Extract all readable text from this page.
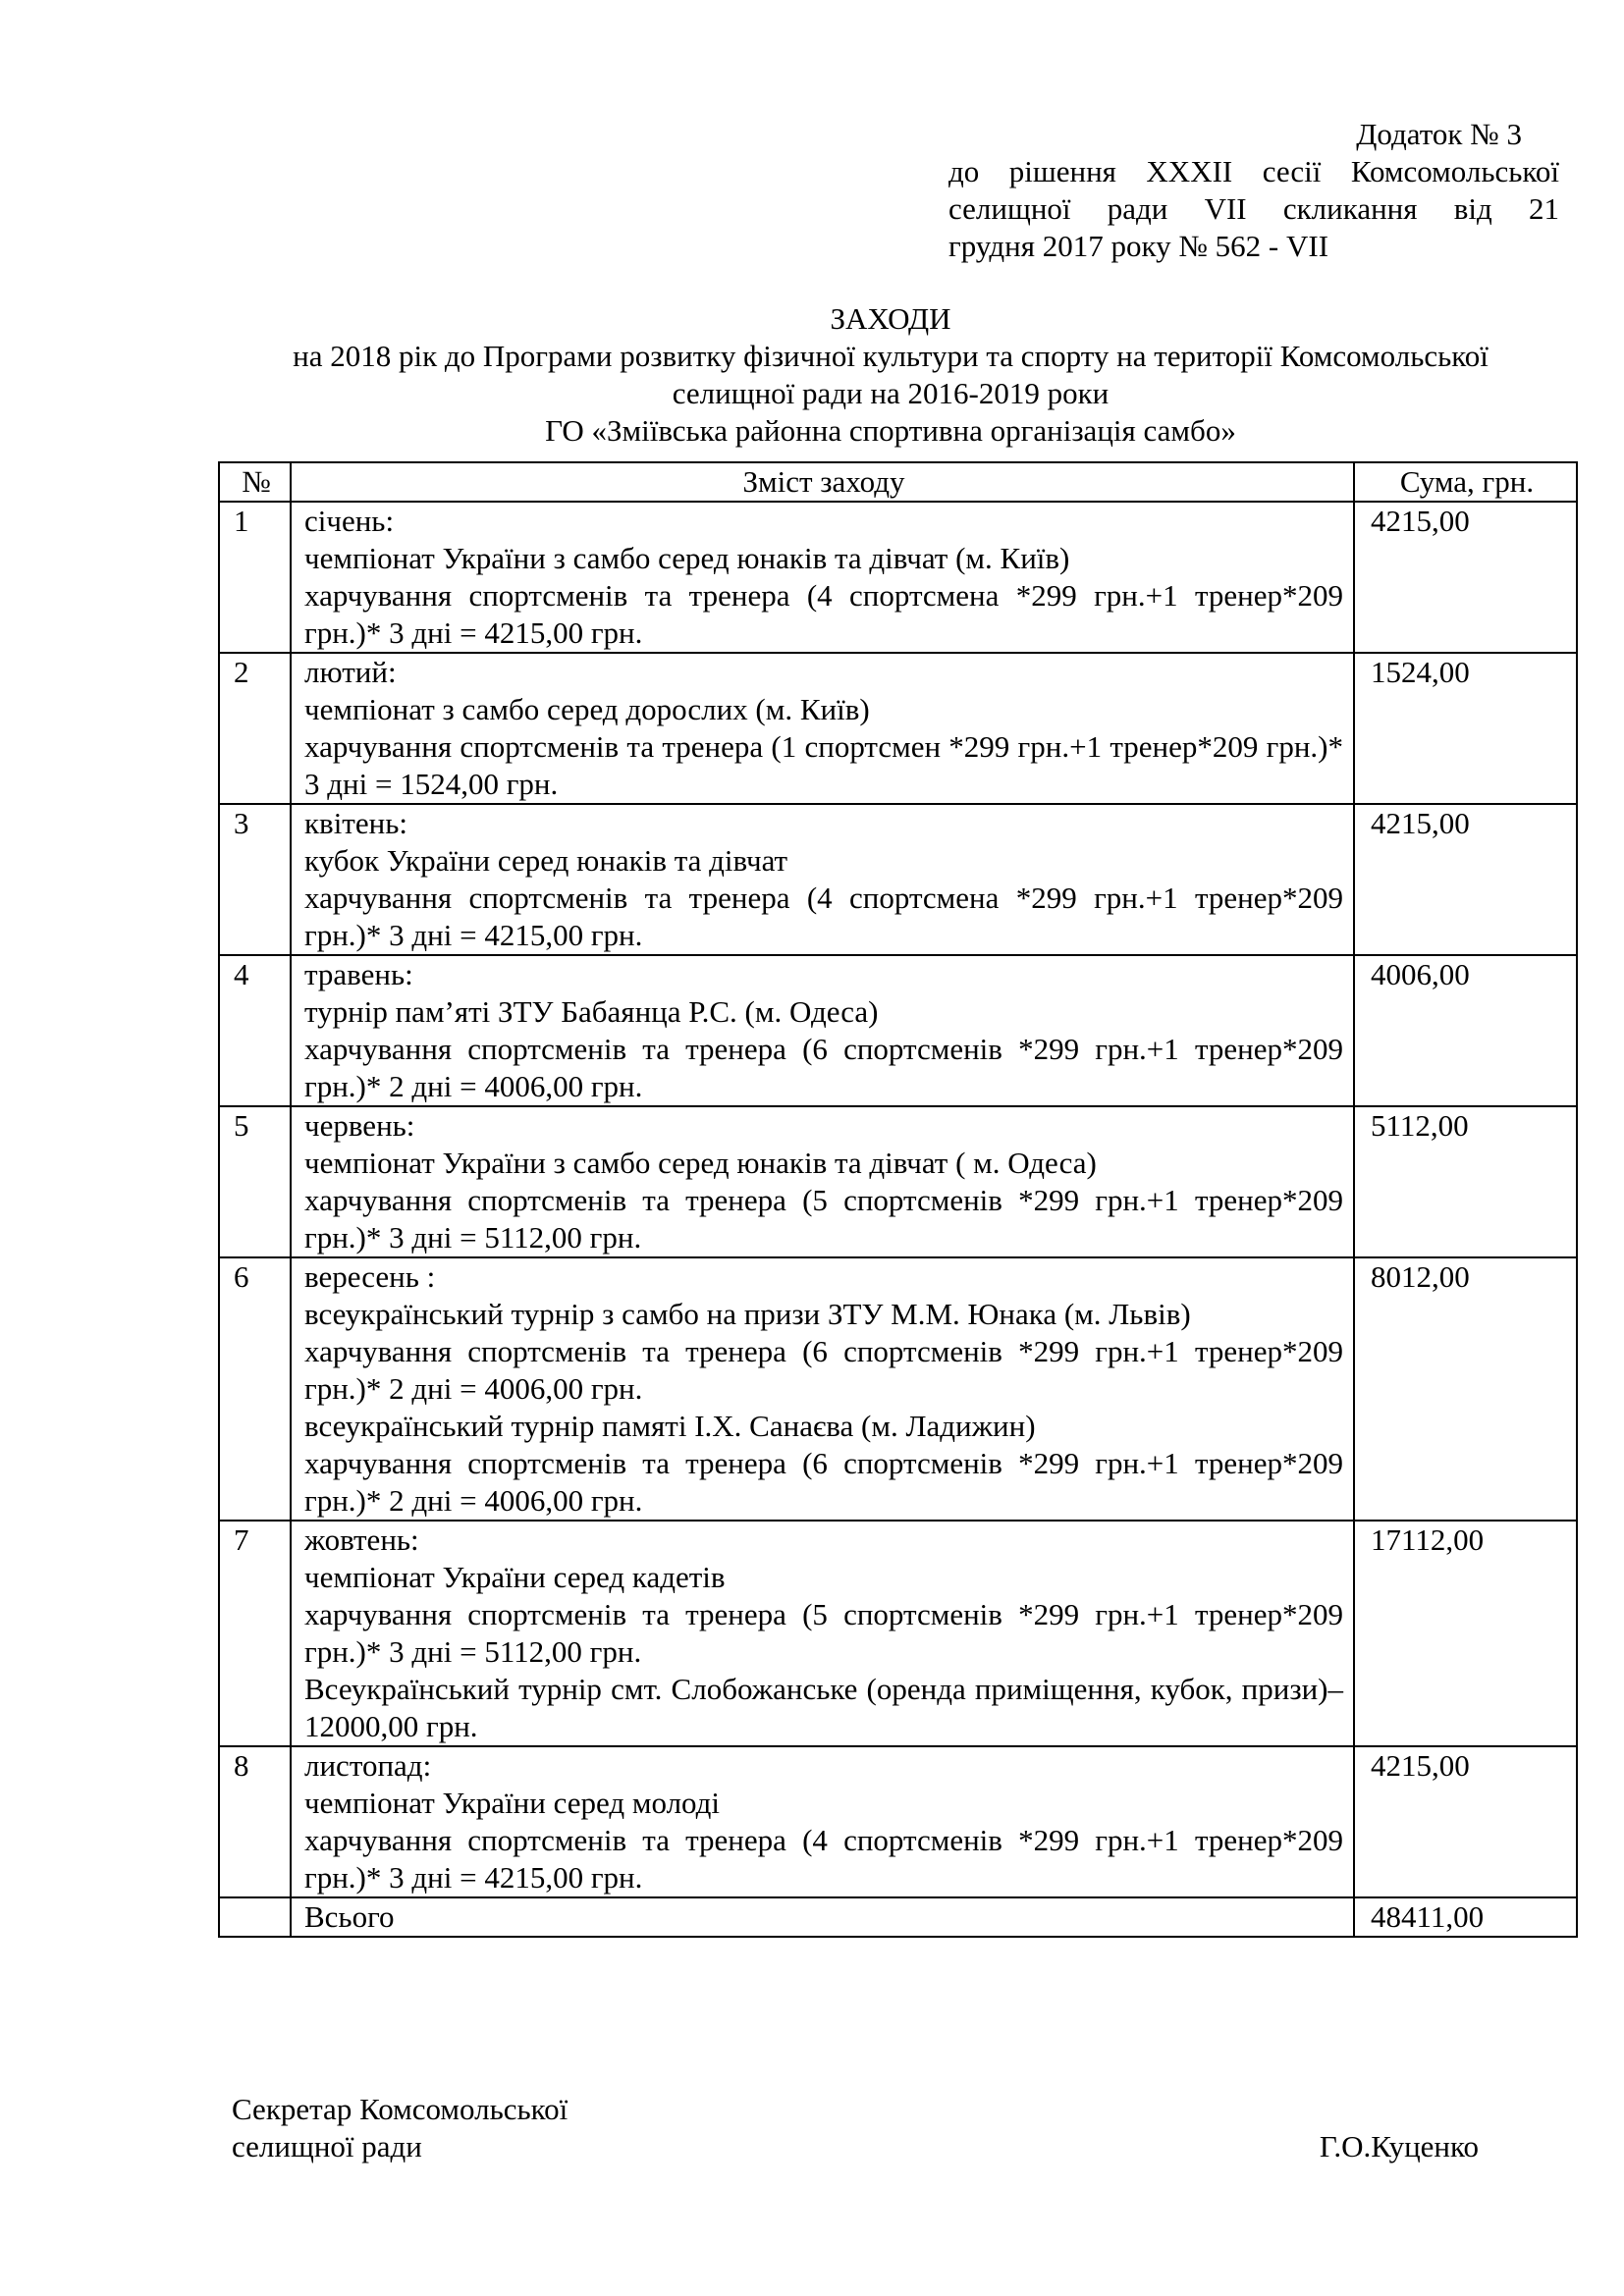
Додаток № 3
до рішення XXXII сесії Комсомольської
селищної ради VII скликання від 21
грудня 2017 року № 562 - VII
ЗАХОДИ
на 2018 рік до Програми розвитку фізичної культури та спорту на території Комсомольської
селищної ради на 2016-2019 роки
ГО «Зміївська районна спортивна організація самбо»
№	Зміст заходу	Сума, грн.
1	січень:
чемпіонат України з самбо серед юнаків та дівчат (м. Київ)
харчування спортсменів та тренера (4 спортсмена *299 грн.+1 тренер*209 грн.)* 3 дні = 4215,00 грн.	4215,00
2	лютий:
чемпіонат з самбо серед дорослих (м. Київ)
харчування спортсменів та тренера (1 спортсмен *299 грн.+1 тренер*209 грн.)* 3 дні = 1524,00 грн.	1524,00
3	квітень:
кубок України серед юнаків та дівчат
харчування спортсменів та тренера (4 спортсмена *299 грн.+1 тренер*209 грн.)* 3 дні = 4215,00 грн.	4215,00
4	травень:
турнір пам’яті ЗТУ Бабаянца Р.С. (м. Одеса)
харчування спортсменів та тренера (6 спортсменів *299 грн.+1 тренер*209 грн.)* 2 дні = 4006,00 грн.	4006,00
5	червень:
чемпіонат України з самбо серед юнаків та дівчат ( м. Одеса)
харчування спортсменів та тренера (5 спортсменів *299 грн.+1 тренер*209 грн.)* 3 дні = 5112,00 грн.	5112,00
6	вересень :
всеукраїнський турнір з самбо на призи ЗТУ М.М. Юнака (м. Львів)
харчування спортсменів та тренера (6 спортсменів *299 грн.+1 тренер*209 грн.)* 2 дні = 4006,00 грн.
всеукраїнський турнір памяті І.Х. Санаєва (м. Ладижин)
харчування спортсменів та тренера (6 спортсменів *299 грн.+1 тренер*209 грн.)* 2 дні = 4006,00 грн.	8012,00
7	жовтень:
чемпіонат України серед кадетів
харчування спортсменів та тренера (5 спортсменів *299 грн.+1 тренер*209 грн.)* 3 дні = 5112,00 грн.
Всеукраїнський турнір смт. Слобожанське (оренда приміщення, кубок, призи)– 12000,00 грн.	17112,00
8	листопад:
чемпіонат України серед молоді
харчування спортсменів та тренера (4 спортсменів *299 грн.+1 тренер*209 грн.)* 3 дні = 4215,00 грн.	4215,00
	Всього	48411,00
Секретар Комсомольської
селищної ради	Г.О.Куценко
